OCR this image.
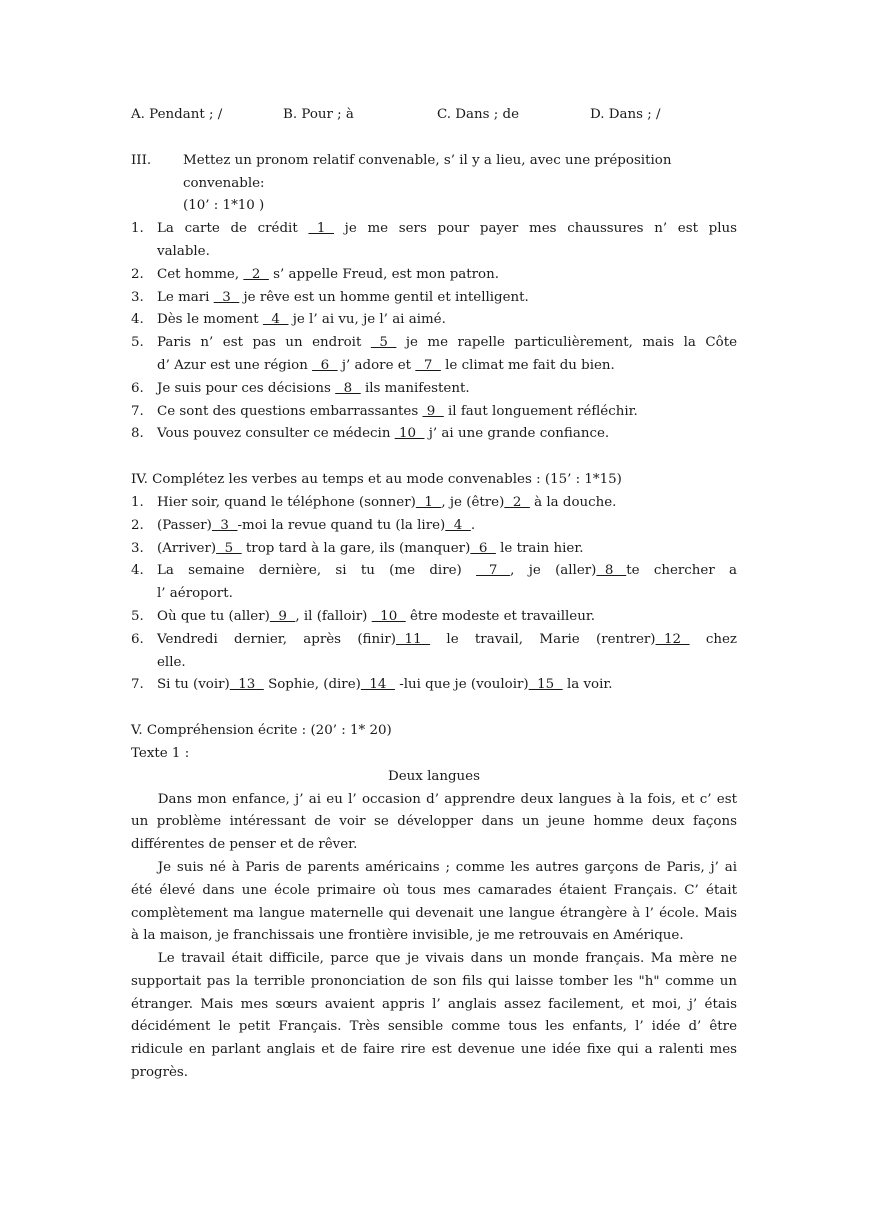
A. Pendant ; /	B. Pour ; à	C. Dans ; de	D. Dans ; /
III.	Mettez un pronom relatif convenable, s’ il y a lieu, avec une préposition
convenable:
(10’ : 1*10 )
1. La carte de crédit   1   je me sers pour payer mes chaussures n’ est plus
valable.
2. Cet homme,   2   s’ appelle Freud, est mon patron.
3. Le mari   3   je rêve est un homme gentil et intelligent.
4. Dès le moment   4   je l’ ai vu, je l’ ai aimé.
5. Paris n’ est pas un endroit   5   je me rapelle particulièrement, mais la Côte
d’ Azur est une région   6   j’ adore et   7   le climat me fait du bien.
6. Je suis pour ces décisions   8   ils manifestent.
7. Ce sont des questions embarrassantes  9   il faut longuement réfléchir.
8. Vous pouvez consulter ce médecin  10   j’ ai une grande confiance.
IV. Complétez les verbes au temps et au mode convenables : (15’ : 1*15)
1. Hier soir, quand le téléphone (sonner)  1  , je (être)  2   à la douche.
2. (Passer)  3  -moi la revue quand tu (la lire)  4  .
3. (Arriver)  5   trop tard à la gare, ils (manquer)  6   le train hier.
4. La semaine dernière, si tu (me dire)    7   , je (aller)  8   te chercher a
l’ aéroport.
5. Où que tu (aller)  9  , il (falloir)   10   être modeste et travailleur.
6. Vendredi dernier, après (finir)  11   le travail, Marie (rentrer)  12   chez
elle.
7. Si tu (voir)  13   Sophie, (dire)  14   -lui que je (vouloir)  15   la voir.
V. Compréhension écrite : (20’ : 1* 20)
Texte 1 :
Deux langues
Dans mon enfance, j’ ai eu l’ occasion d’ apprendre deux langues à la fois, et c’ est un problème intéressant de voir se développer dans un jeune homme deux façons différentes de penser et de rêver.
Je suis né à Paris de parents américains ; comme les autres garçons de Paris, j’ ai été élevé dans une école primaire où tous mes camarades étaient Français. C’ était complètement ma langue maternelle qui devenait une langue étrangère à l’ école. Mais à la maison, je franchissais une frontière invisible, je me retrouvais en Amérique.
Le travail était difficile, parce que je vivais dans un monde français. Ma mère ne supportait pas la terrible prononciation de son fils qui laisse tomber les "h" comme un étranger. Mais mes sœurs avaient appris l’ anglais assez facilement, et moi, j’ étais décidément le petit Français. Très sensible comme tous les enfants, l’ idée d’ être ridicule en parlant anglais et de faire rire est devenue une idée fixe qui a ralenti mes progrès.
